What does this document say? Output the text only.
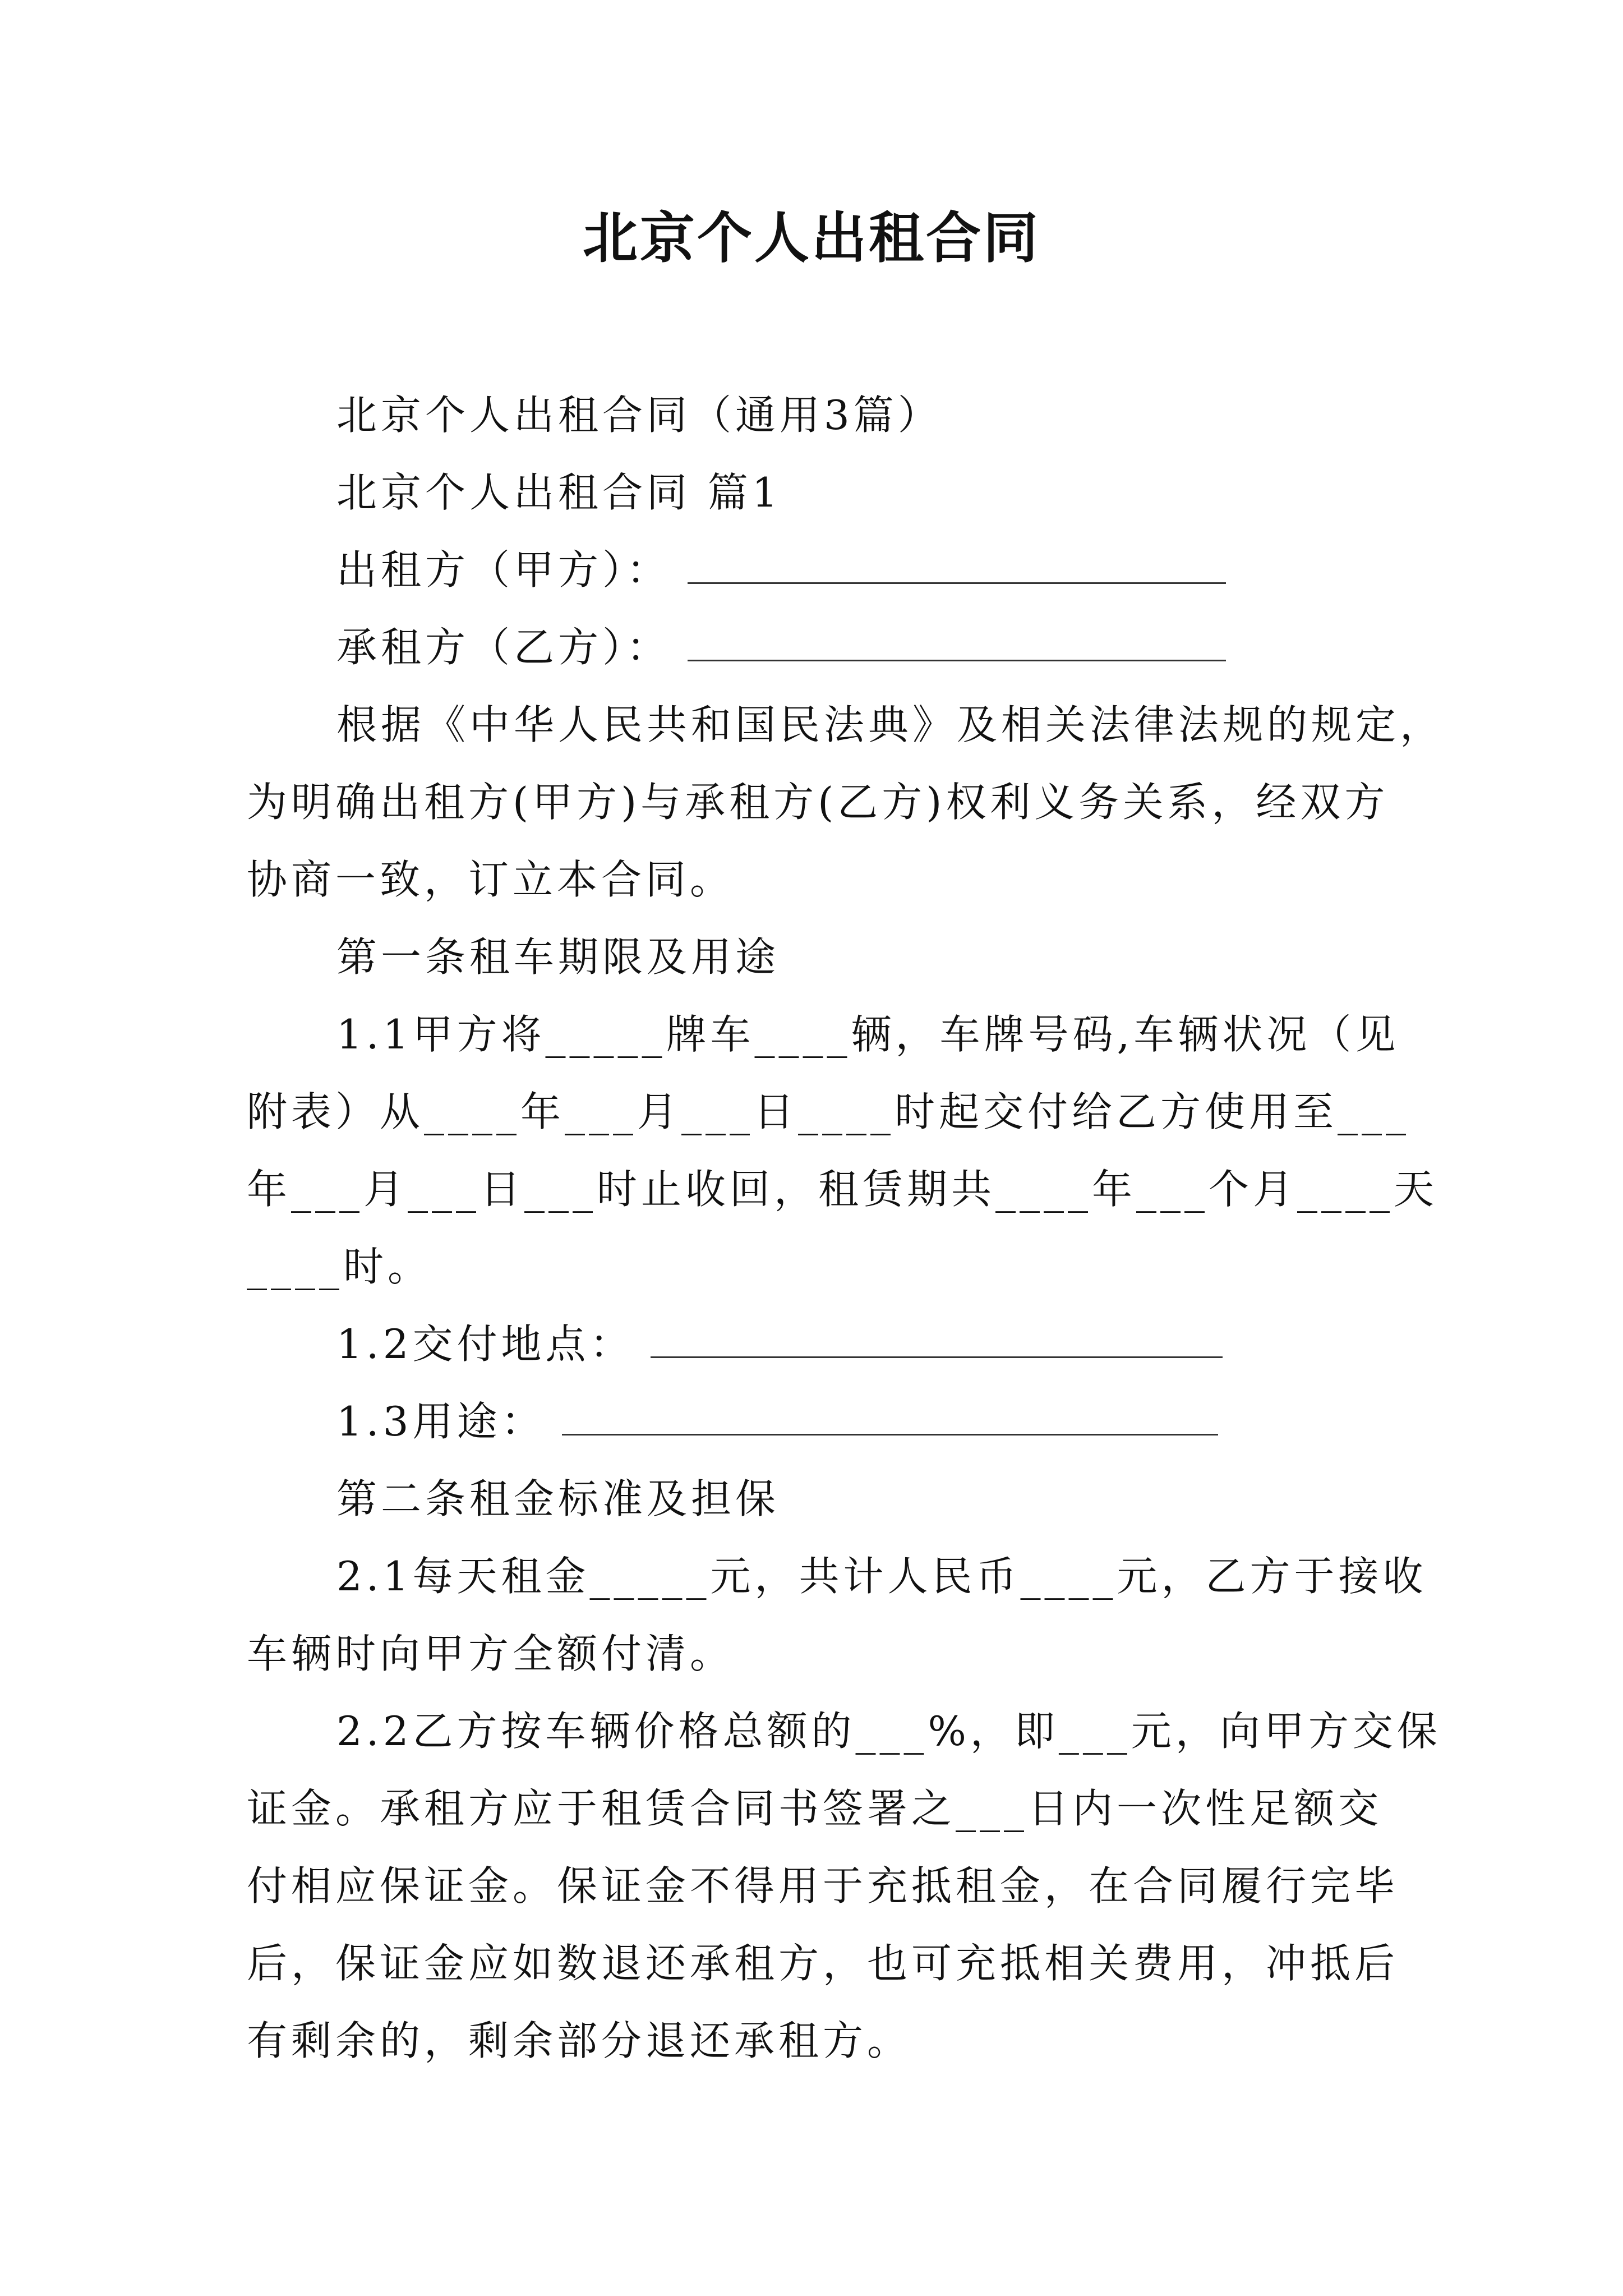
北京个人出租合同
北京个人出租合同（通用3篇）
北京个人出租合同 篇1
出租方（甲方）：
承租方（乙方）：
根据《中华人民共和国民法典》及相关法律法规的规定，
为明确出租方(甲方)与承租方(乙方)权利义务关系，经双方
协商一致，订立本合同。
第一条租车期限及用途
1.1甲方将_____牌车____辆，车牌号码,车辆状况（见
附表）从____年___月___日____时起交付给乙方使用至___
年___月___日___时止收回，租赁期共____年___个月____天
____时。
1.2交付地点：
1.3用途：
第二条租金标准及担保
2.1每天租金_____元，共计人民币____元，乙方于接收
车辆时向甲方全额付清。
2.2乙方按车辆价格总额的___%，即___元，向甲方交保
证金。承租方应于租赁合同书签署之___日内一次性足额交
付相应保证金。保证金不得用于充抵租金，在合同履行完毕
后，保证金应如数退还承租方，也可充抵相关费用，冲抵后
有剩余的，剩余部分退还承租方。
